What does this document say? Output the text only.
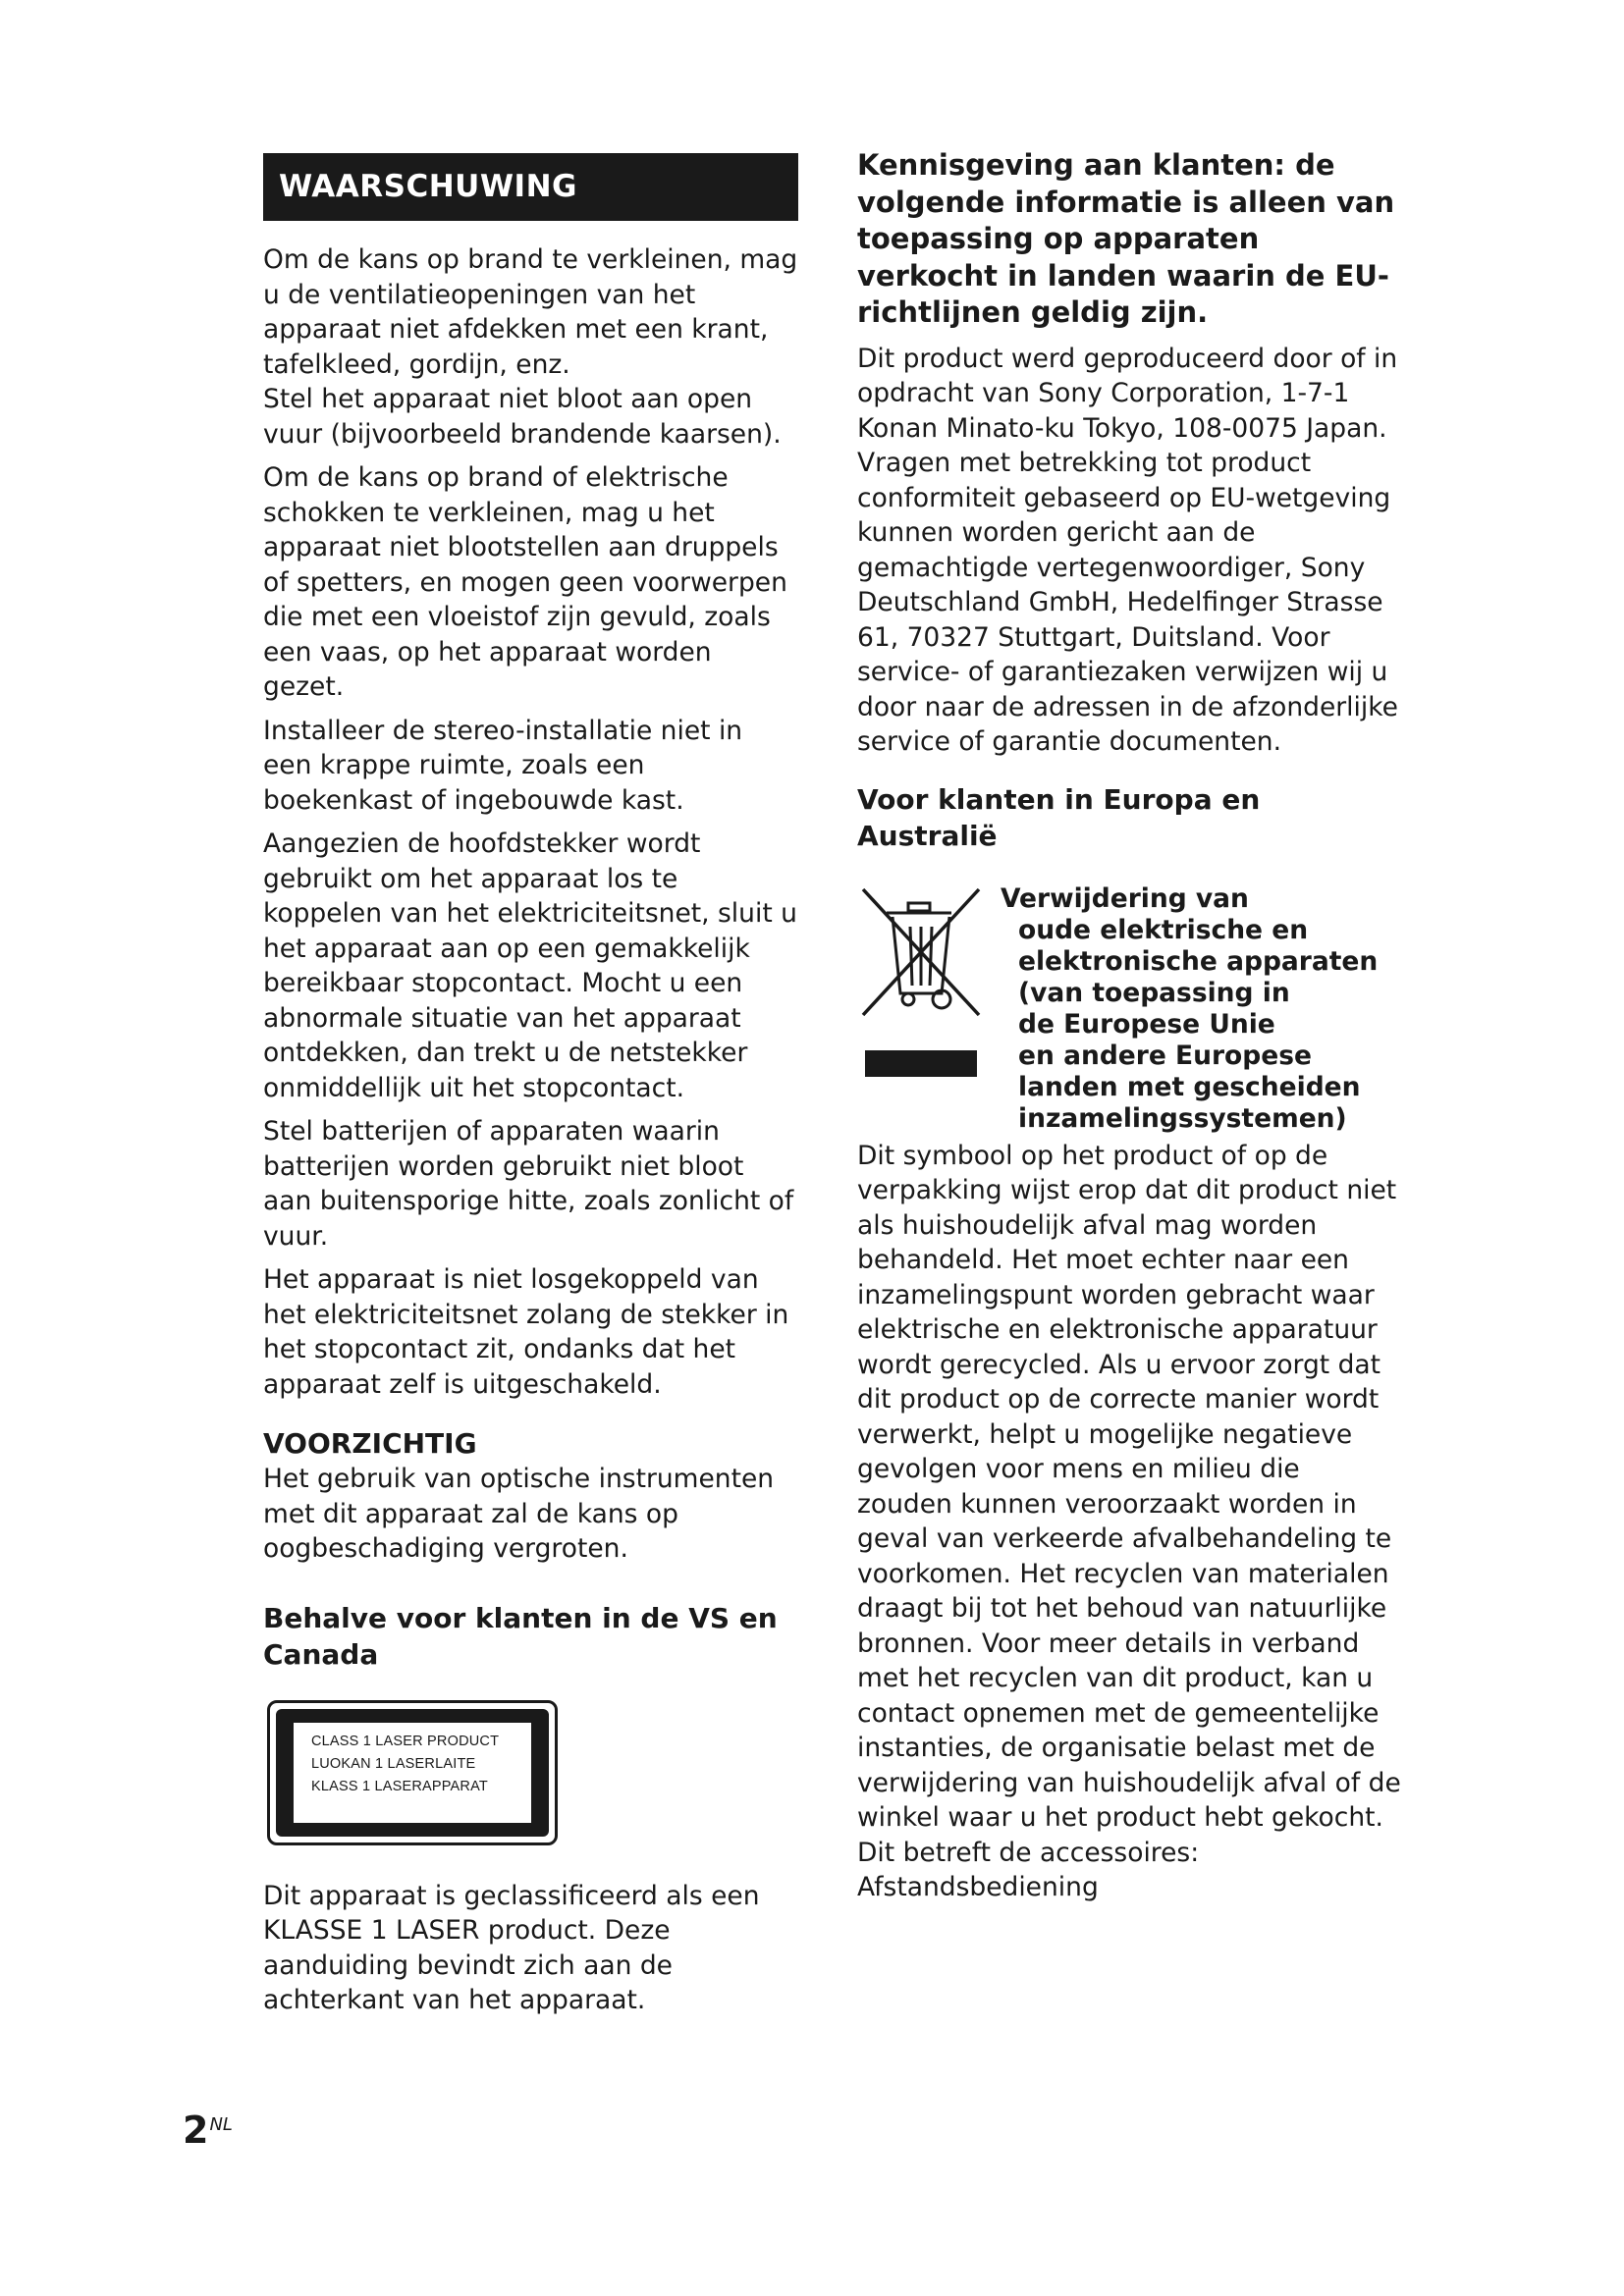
WAARSCHUWING

Om de kans op brand te verkleinen, mag u de ventilatieopeningen van het apparaat niet afdekken met een krant, tafelkleed, gordijn, enz.

Stel het apparaat niet bloot aan open vuur (bijvoorbeeld brandende kaarsen).

Om de kans op brand of elektrische schokken te verkleinen, mag u het apparaat niet blootstellen aan druppels of spetters, en mogen geen voorwerpen die met een vloeistof zijn gevuld, zoals een vaas, op het apparaat worden gezet.

Installeer de stereo-installatie niet in een krappe ruimte, zoals een boekenkast of ingebouwde kast.

Aangezien de hoofdstekker wordt gebruikt om het apparaat los te koppelen van het elektriciteitsnet, sluit u het apparaat aan op een gemakkelijk bereikbaar stopcontact. Mocht u een abnormale situatie van het apparaat ontdekken, dan trekt u de netstekker onmiddellijk uit het stopcontact.

Stel batterijen of apparaten waarin batterijen worden gebruikt niet bloot aan buitensporige hitte, zoals zonlicht of vuur.

Het apparaat is niet losgekoppeld van het elektriciteitsnet zolang de stekker in het stopcontact zit, ondanks dat het apparaat zelf is uitgeschakeld.

VOORZICHTIG

Het gebruik van optische instrumenten met dit apparaat zal de kans op oogbeschadiging vergroten.

Behalve voor klanten in de VS en Canada
CLASS 1 LASER PRODUCT
LUOKAN 1 LASERLAITE
KLASS 1 LASERAPPARAT

Dit apparaat is geclassificeerd als een KLASSE 1 LASER product. Deze aanduiding bevindt zich aan de achterkant van het apparaat.

Kennisgeving aan klanten: de volgende informatie is alleen van toepassing op apparaten verkocht in landen waarin de EU-richtlijnen geldig zijn.

Dit product werd geproduceerd door of in opdracht van Sony Corporation, 1-7-1 Konan Minato-ku Tokyo, 108-0075 Japan. Vragen met betrekking tot product conformiteit gebaseerd op EU-wetgeving kunnen worden gericht aan de gemachtigde vertegenwoordiger, Sony Deutschland GmbH, Hedelfinger Strasse 61, 70327 Stuttgart, Duitsland. Voor service- of garantiezaken verwijzen wij u door naar de adressen in de afzonderlijke service of garantie documenten.

Voor klanten in Europa en Australië
Verwijdering van
oude elektrische en
elektronische apparaten
(van toepassing in
de Europese Unie
en andere Europese
landen met gescheiden
inzamelingssystemen)

Dit symbool op het product of op de verpakking wijst erop dat dit product niet als huishoudelijk afval mag worden behandeld. Het moet echter naar een inzamelingspunt worden gebracht waar elektrische en elektronische apparatuur wordt gerecycled. Als u ervoor zorgt dat dit product op de correcte manier wordt verwerkt, helpt u mogelijke negatieve gevolgen voor mens en milieu die zouden kunnen veroorzaakt worden in geval van verkeerde afvalbehandeling te voorkomen. Het recyclen van materialen draagt bij tot het behoud van natuurlijke bronnen. Voor meer details in verband met het recyclen van dit product, kan u contact opnemen met de gemeentelijke instanties, de organisatie belast met de verwijdering van huishoudelijk afval of de winkel waar u het product hebt gekocht.

Dit betreft de accessoires:

Afstandsbediening

$2^{NL}$
